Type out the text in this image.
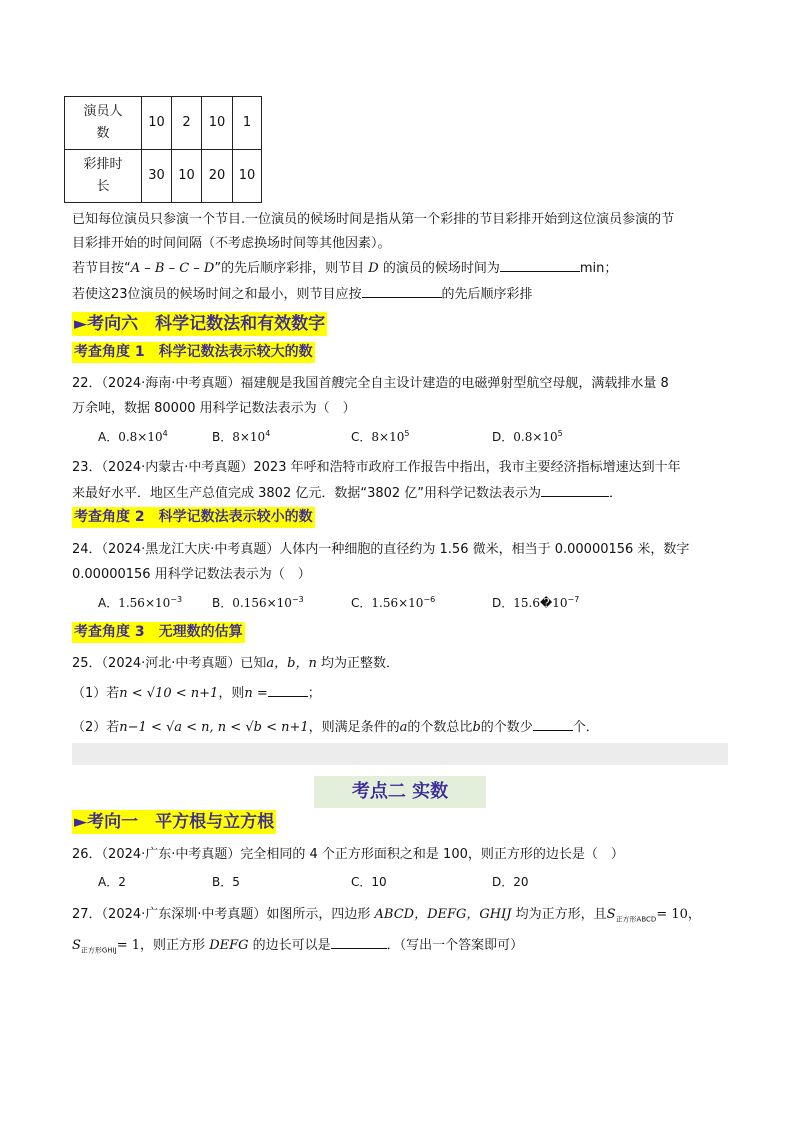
演员人
数	10	2	10	1

彩排时
长	30	10	20	10
已知每位演员只参演一个节目.一位演员的候场时间是指从第一个彩排的节目彩排开始到这位演员参演的节
目彩排开始的时间间隔（不考虑换场时间等其他因素）。
若节目按“A – B – C – D”的先后顺序彩排，则节目 D 的演员的候场时间为	min；
若使这23位演员的候场时间之和最小，则节目应按	的先后顺序彩排
►考向六　科学记数法和有效数字
考查角度 1　科学记数法表示较大的数
22．（2024·海南·中考真题）福建舰是我国首艘完全自主设计建造的电磁弹射型航空母舰，满载排水量 8
万余吨，数据 80000 用科学记数法表示为（　）
A．$0.8\times 10^4$	B．$8\times 10^4$	C．$8\times 10^5$	D．$0.8\times 10^5$
23．（2024·内蒙古·中考真题）2023 年呼和浩特市政府工作报告中指出，我市主要经济指标增速达到十年
来最好水平．地区生产总值完成 3802 亿元．数据“3802 亿”用科学记数法表示为	．
考查角度 2　科学记数法表示较小的数
24．（2024·黑龙江大庆·中考真题）人体内一种细胞的直径约为 1.56 微米，相当于 0.00000156 米，数字
0.00000156 用科学记数法表示为（　）
A．$1.56\times 10^{-3}$ B．$0.156\times 10^{-3}$	C．$1.56\times 10^{-6}$	D．$15.6�10^{-7}$
考查角度 3　无理数的估算
25．（2024·河北·中考真题）已知a，b，n 均为正整数．
（1）若n < √10 < n+1，则n =	；
（2）若n−1 < √a < n, n < √b < n+1，则满足条件的a的个数总比b的个数少	个．
考点二 实数
►考向一　平方根与立方根
26．（2024·广东·中考真题）完全相同的 4 个正方形面积之和是 100，则正方形的边长是（　）
A．2	B．5	C．10	D．20
27．（2024·广东深圳·中考真题）如图所示，四边形 ABCD，DEFG，GHIJ 均为正方形，且$S_{正方形ABCD}= 10$，
$S_{正方形GHIJ}= 1$，则正方形 DEFG 的边长可以是	．（写出一个答案即可）
